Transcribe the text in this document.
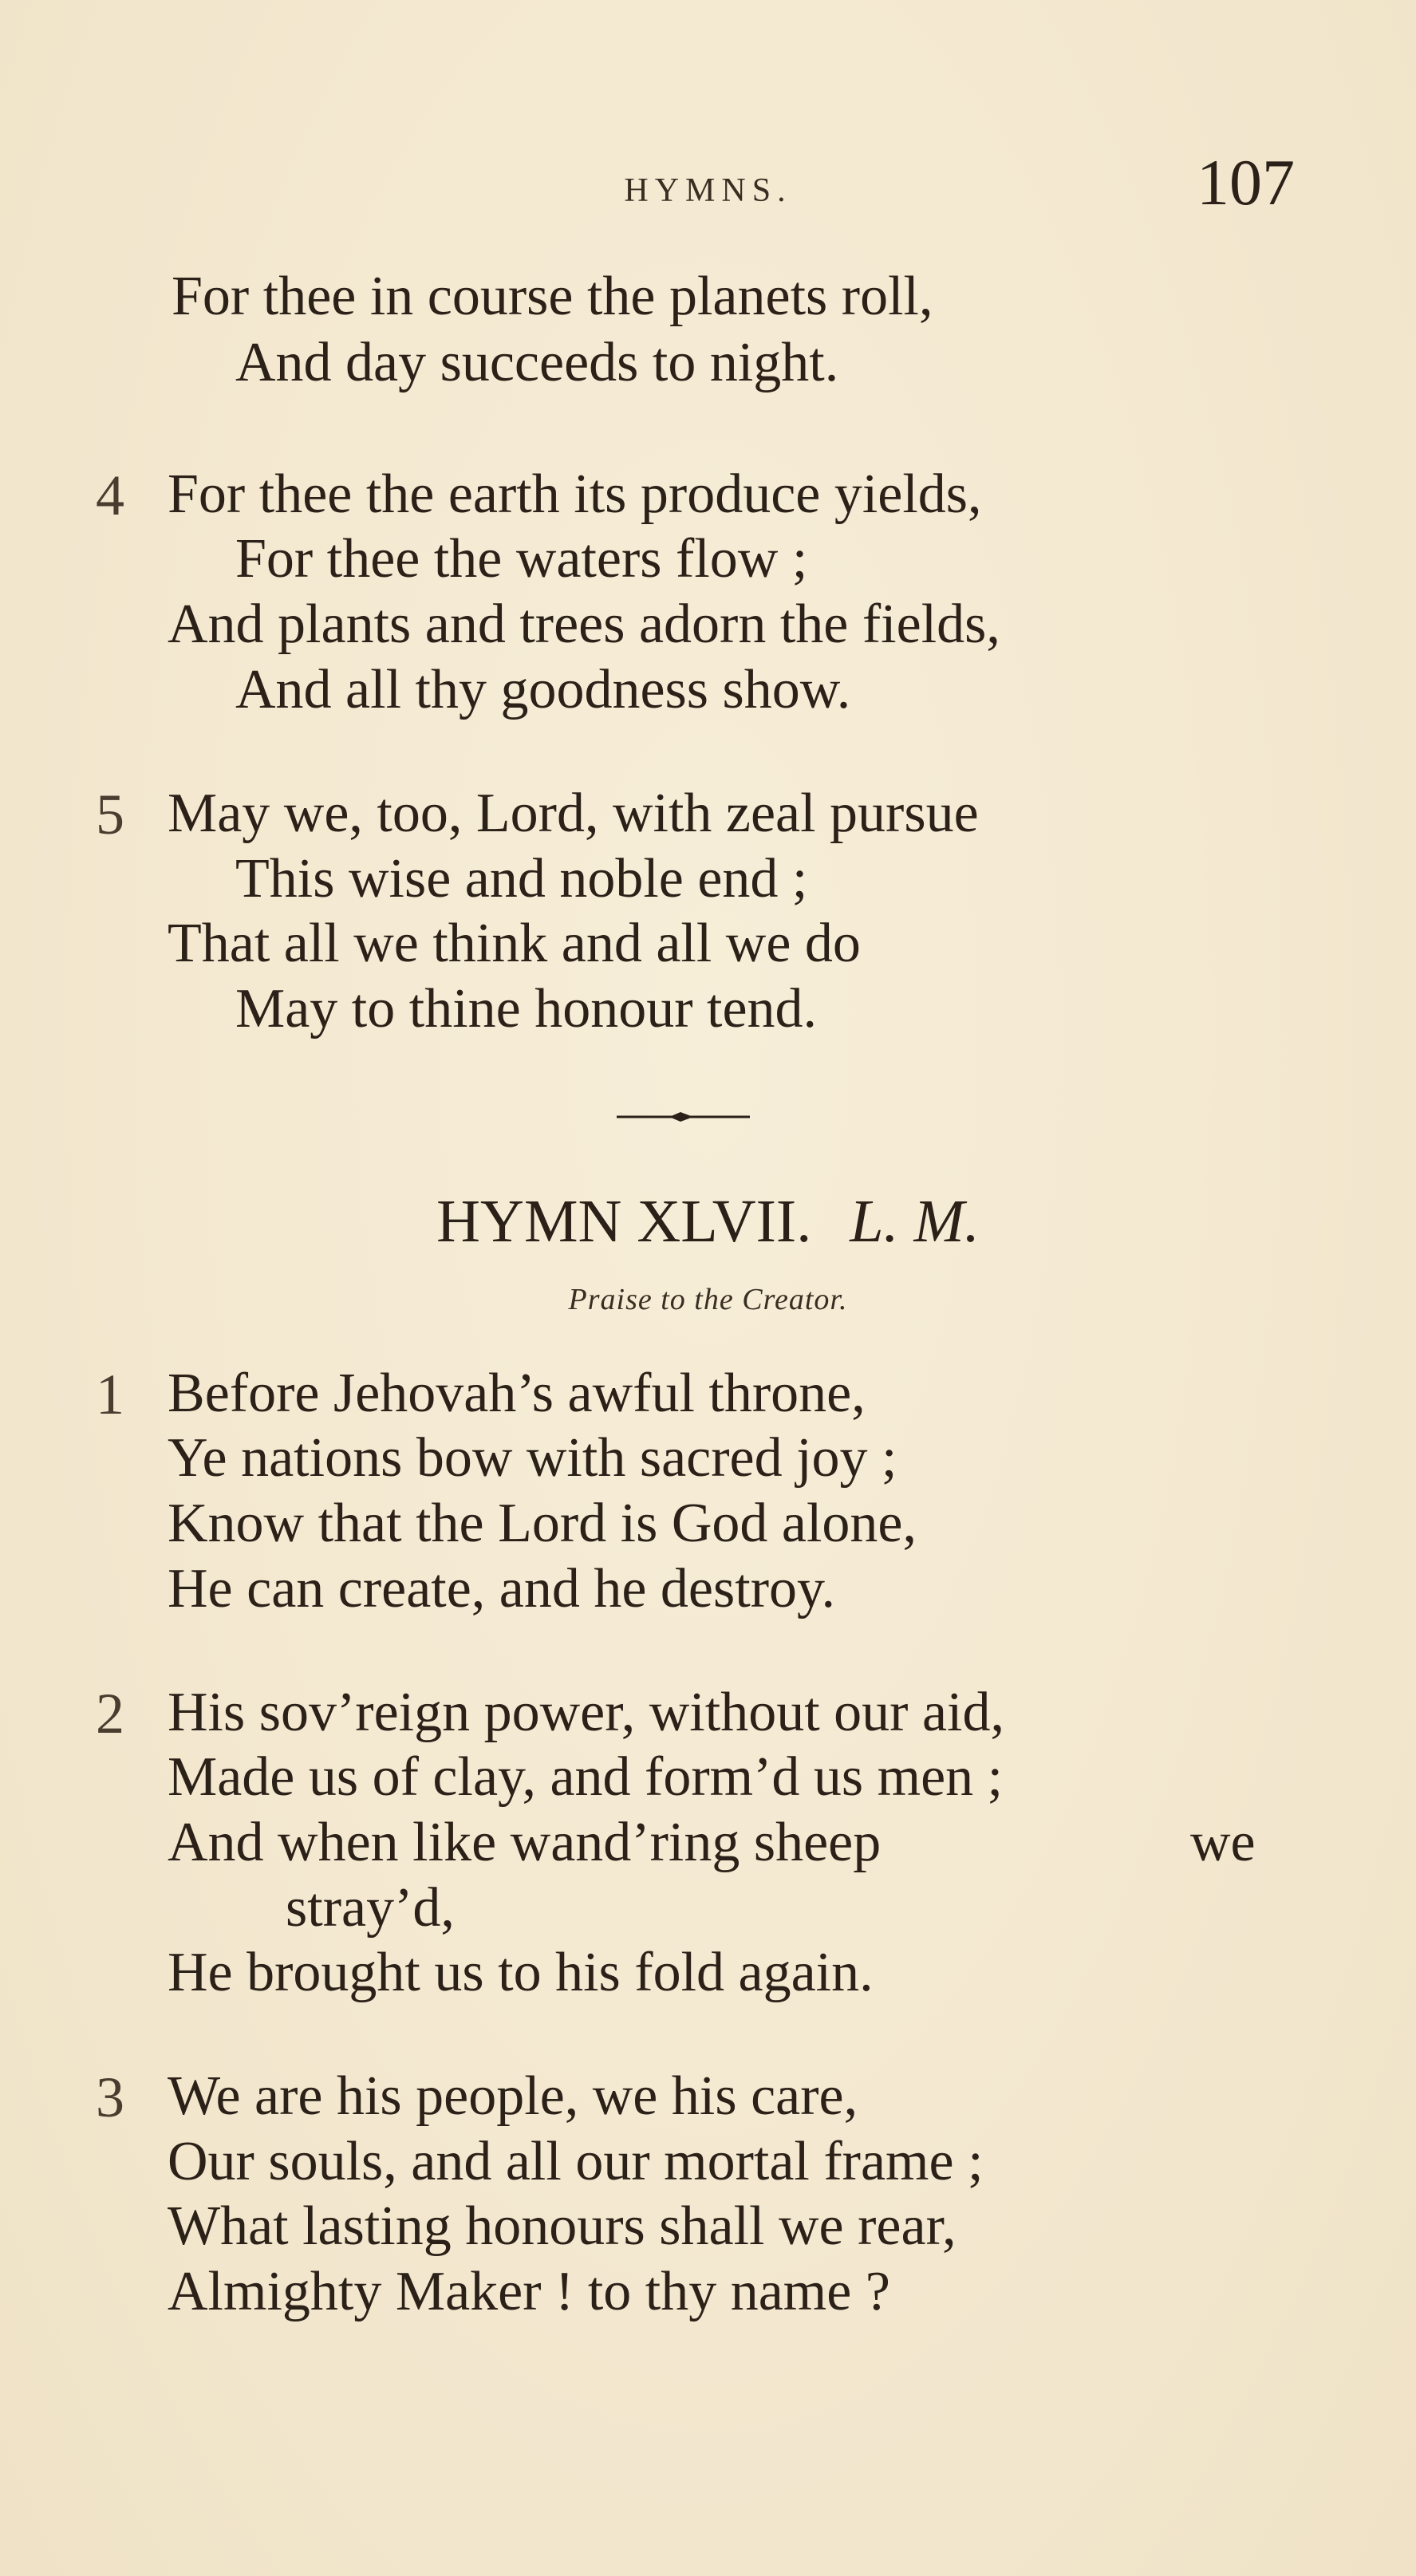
HYMNS.	107
For thee in course the planets roll,
And day succeeds to night.
4 For thee the earth its produce yields,
For thee the waters flow ;
And plants and trees adorn the fields,
And all thy goodness show.
5 May we, too, Lord, with zeal pursue
This wise and noble end ;
That all we think and all we do
May to thine honour tend.
HYMN XLVII. L. M.
Praise to the Creator.
1 Before Jehovah’s awful throne,
Ye nations bow with sacred joy ;
Know that the Lord is God alone,
He can create, and he destroy.
2 His sov’reign power, without our aid,
Made us of clay, and form’d us men ;
And when like wand’ring sheep	we
stray’d,
He brought us to his fold again.
3 We are his people, we his care,
Our souls, and all our mortal frame ;
What lasting honours shall we rear,
Almighty Maker ! to thy name ?
